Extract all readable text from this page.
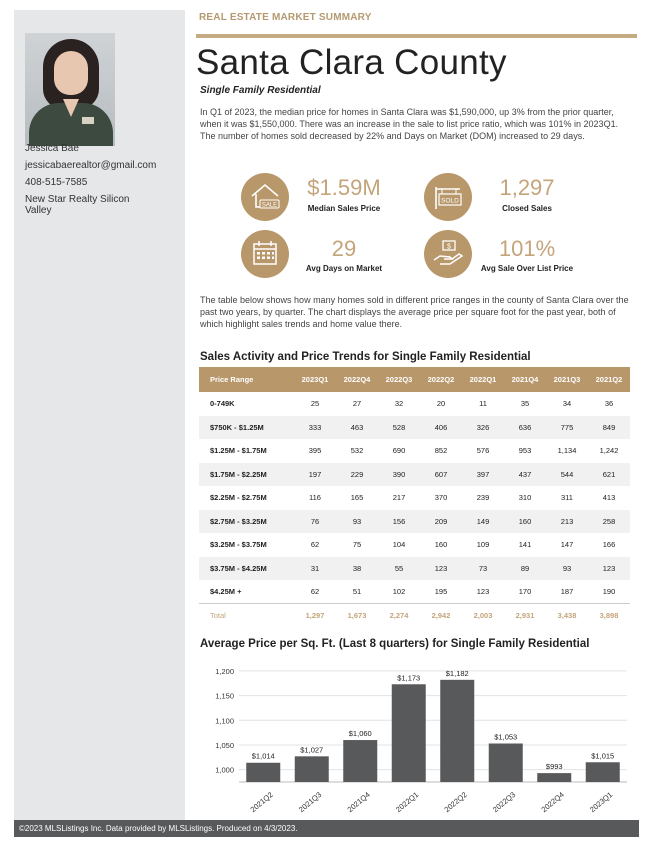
Jessica Bae
jessicabaerealtor@gmail.com
408-515-7585
New Star Realty Silicon Valley
REAL ESTATE MARKET SUMMARY
Santa Clara County
Single Family Residential
In Q1 of 2023, the median price for homes in Santa Clara was $1,590,000, up 3% from the prior quarter, when it was $1,550,000. There was an increase in the sale to list price ratio, which was 101% in 2023Q1. The number of homes sold decreased by 22% and Days on Market (DOM) increased to 29 days.
SALE
$1.59M
Median Sales Price
SOLD
1,297
Closed Sales
29
Avg Days on Market
$	101%
Avg Sale Over List Price
The table below shows how many homes sold in different price ranges in the county of Santa Clara over the past two years, by quarter. The chart displays the average price per square foot for the past year, both of which highlight sales trends and home value there.
Sales Activity and Price Trends for Single Family Residential
Price Range	2023Q1	2022Q4	2022Q3	2022Q2	2022Q1	2021Q4	2021Q3	2021Q2
0-749K	25	27	32	20	11	35	34	36
$750K - $1.25M	333	463	528	406	326	636	775	849
$1.25M - $1.75M	395	532	690	852	576	953	1,134	1,242
$1.75M - $2.25M	197	229	390	607	397	437	544	621
$2.25M - $2.75M	116	165	217	370	239	310	311	413
$2.75M - $3.25M	76	93	156	209	149	160	213	258
$3.25M - $3.75M	62	75	104	160	109	141	147	166
$3.75M - $4.25M	31	38	55	123	73	89	93	123
$4.25M +	62	51	102	195	123	170	187	190
Total	1,297	1,673	2,274	2,942	2,003	2,931	3,438	3,898
Average Price per Sq. Ft. (Last 8 quarters) for Single Family Residential
1,000
1,050
1,100
1,150
1,200
$1,014
2021Q2
$1,027
2021Q3
$1,060
2021Q4
$1,173
2022Q1
$1,182
2022Q2
$1,053
2022Q3
$993
2022Q4
$1,015
2023Q1
©2023 MLSListings Inc. Data provided by MLSListings. Produced on 4/3/2023.
